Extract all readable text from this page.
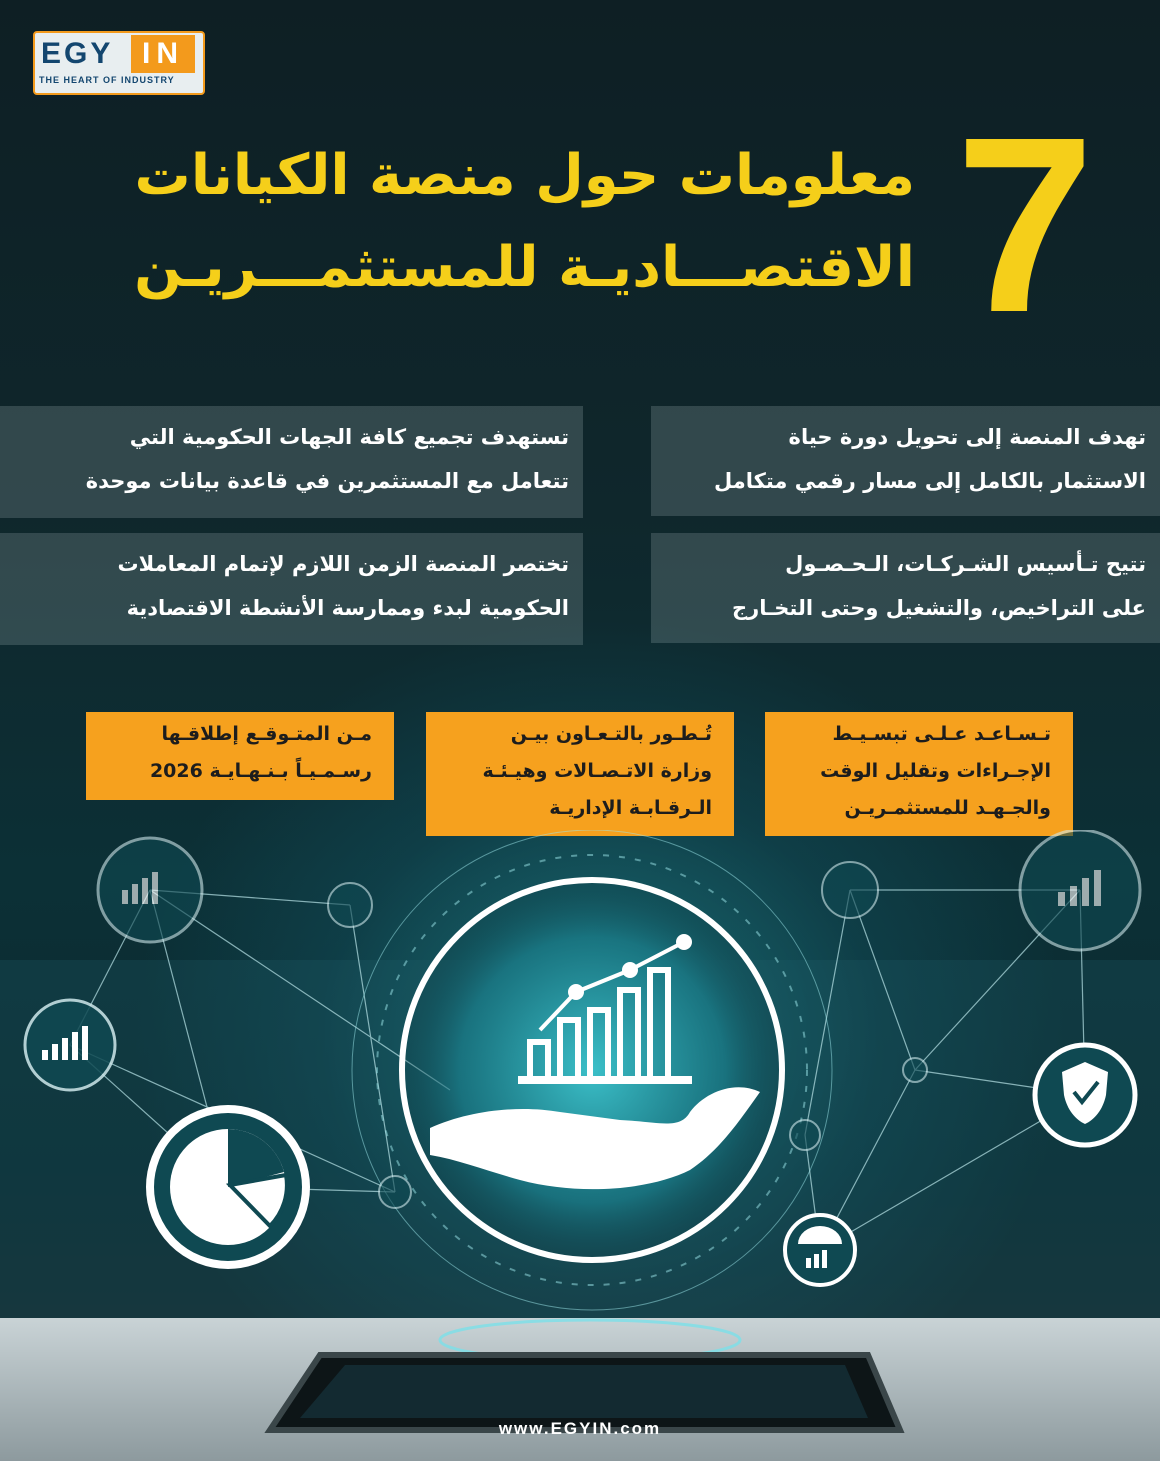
EGY IN
THE HEART OF INDUSTRY
7
معلومات حول منصة الكيانات
الاقتصـــاديـة للمستثمـــريـن
تهدف المنصة إلى تحويل دورة حياة
الاستثمار بالكامل إلى مسار رقمي متكامل
تستهدف تجميع كافة الجهات الحكومية التي
تتعامل مع المستثمرين في قاعدة بيانات موحدة
تتيح تـأسيس الشـركـات، الـحـصـول
على التراخيص، والتشغيل وحتى التخـارج
تختصر المنصة الزمن اللازم لإتمام المعاملات
الحكومية لبدء وممارسة الأنشطة الاقتصادية
تـسـاعـد عـلـى تبسـيـط
الإجـراءات وتقليل الوقت
والجـهـد للمستثمـريـن
تُـطـور بالتـعـاون بيـن
وزارة الاتـصـالات وهيـئـة
الـرقـابـة الإداريـة
مـن المتـوقـع إطلاقـها
رسـمـيـاً بـنـهـايـة 2026
www.EGYIN.com
